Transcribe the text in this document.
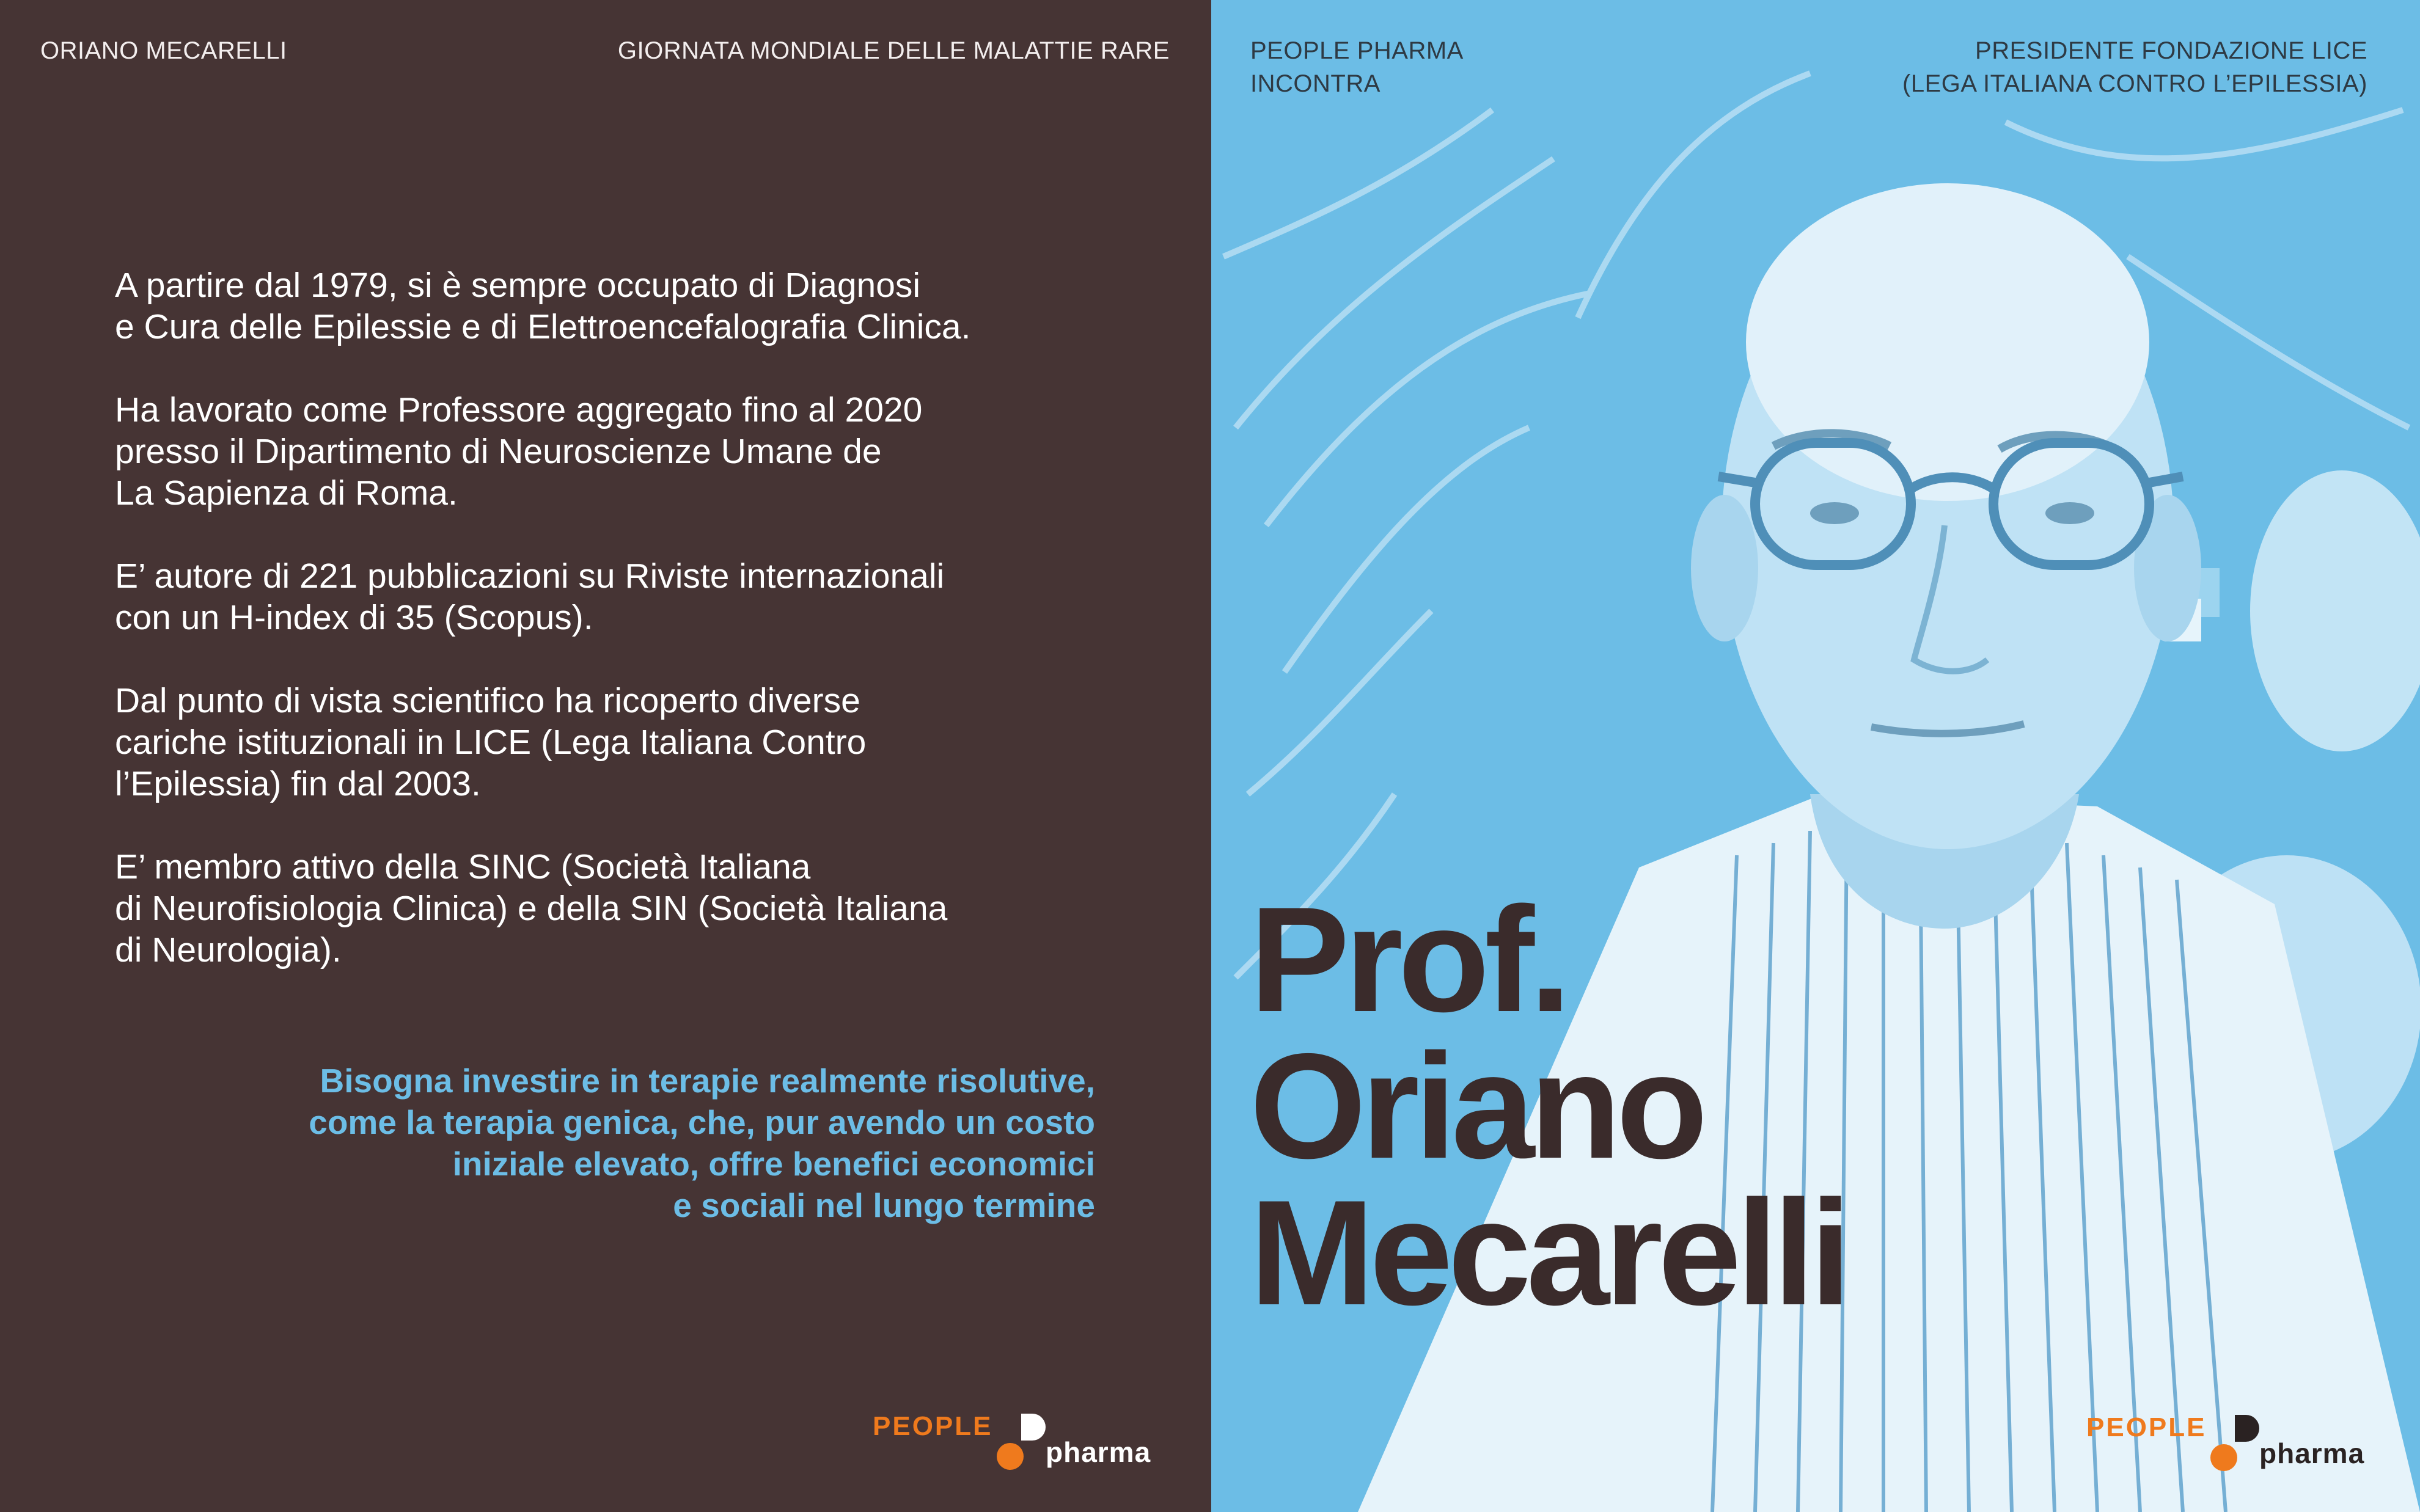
ORIANO MECARELLI	GIORNATA MONDIALE DELLE MALATTIE RARE

A partire dal 1979, si è sempre occupato di Diagnosi
e Cura delle Epilessie e di Elettroencefalografia Clinica.

Ha lavorato come Professore aggregato fino al 2020
presso il Dipartimento di Neuroscienze Umane de
La Sapienza di Roma.

E’ autore di 221 pubblicazioni su Riviste internazionali
con un H-index di 35 (Scopus).

Dal punto di vista scientifico ha ricoperto diverse
cariche istituzionali in LICE (Lega Italiana Contro
l’Epilessia) fin dal 2003.

E’ membro attivo della SINC (Società Italiana
di Neurofisiologia Clinica) e della SIN (Società Italiana
di Neurologia).

Bisogna investire in terapie realmente risolutive,
come la terapia genica, che, pur avendo un costo
iniziale elevato, offre benefici economici
e sociali nel lungo termine
PEOPLE
pharma
PEOPLE PHARMA
INCONTRA
PRESIDENTE FONDAZIONE LICE
(LEGA ITALIANA CONTRO L’EPILESSIA)
PEOPLE
pharma
Prof.
Oriano
Mecarelli
